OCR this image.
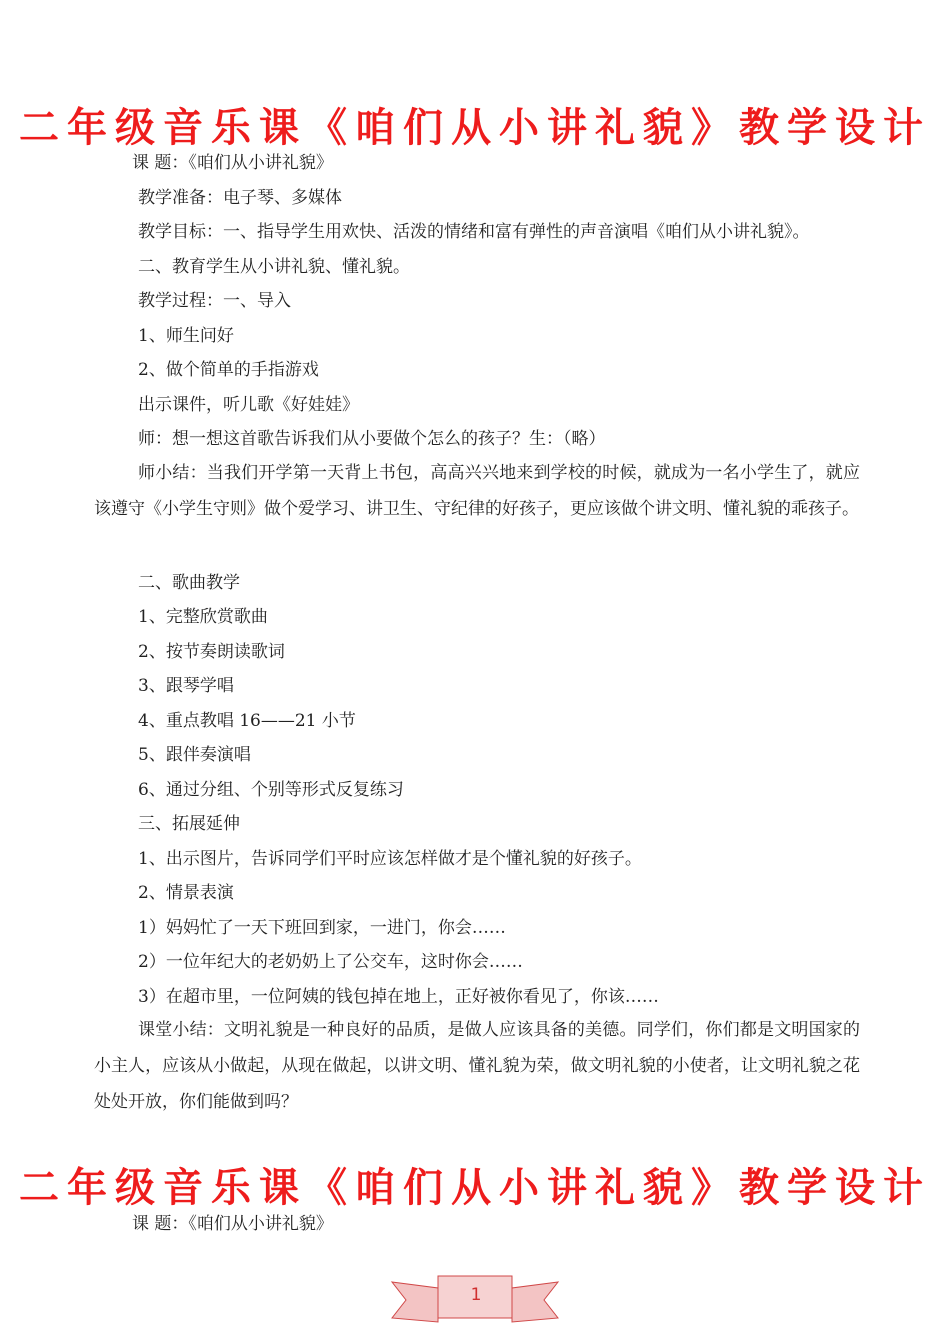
二年级音乐课《咱们从小讲礼貌》教学设计
课 题：《咱们从小讲礼貌》
教学准备：电子琴、多媒体
教学目标：一、指导学生用欢快、活泼的情绪和富有弹性的声音演唱《咱们从小讲礼貌》。
二、教育学生从小讲礼貌、懂礼貌。
教学过程：一、导入
1、师生问好
2、做个简单的手指游戏
出示课件，听儿歌《好娃娃》
师：想一想这首歌告诉我们从小要做个怎么的孩子？生：（略）
师小结：当我们开学第一天背上书包，高高兴兴地来到学校的时候，就成为一名小学生了，就应该遵守《小学生守则》做个爱学习、讲卫生、守纪律的好孩子，更应该做个讲文明、懂礼貌的乖孩子。
二、歌曲教学
1、完整欣赏歌曲
2、按节奏朗读歌词
3、跟琴学唱
4、重点教唱 16——21 小节
5、跟伴奏演唱
6、通过分组、个别等形式反复练习
三、拓展延伸
1、出示图片，告诉同学们平时应该怎样做才是个懂礼貌的好孩子。
2、情景表演
1）妈妈忙了一天下班回到家，一进门，你会……
2）一位年纪大的老奶奶上了公交车，这时你会……
3）在超市里，一位阿姨的钱包掉在地上，正好被你看见了，你该……
课堂小结：文明礼貌是一种良好的品质，是做人应该具备的美德。同学们，你们都是文明国家的小主人，应该从小做起，从现在做起，以讲文明、懂礼貌为荣，做文明礼貌的小使者，让文明礼貌之花处处开放，你们能做到吗？
二年级音乐课《咱们从小讲礼貌》教学设计
课 题：《咱们从小讲礼貌》
1
